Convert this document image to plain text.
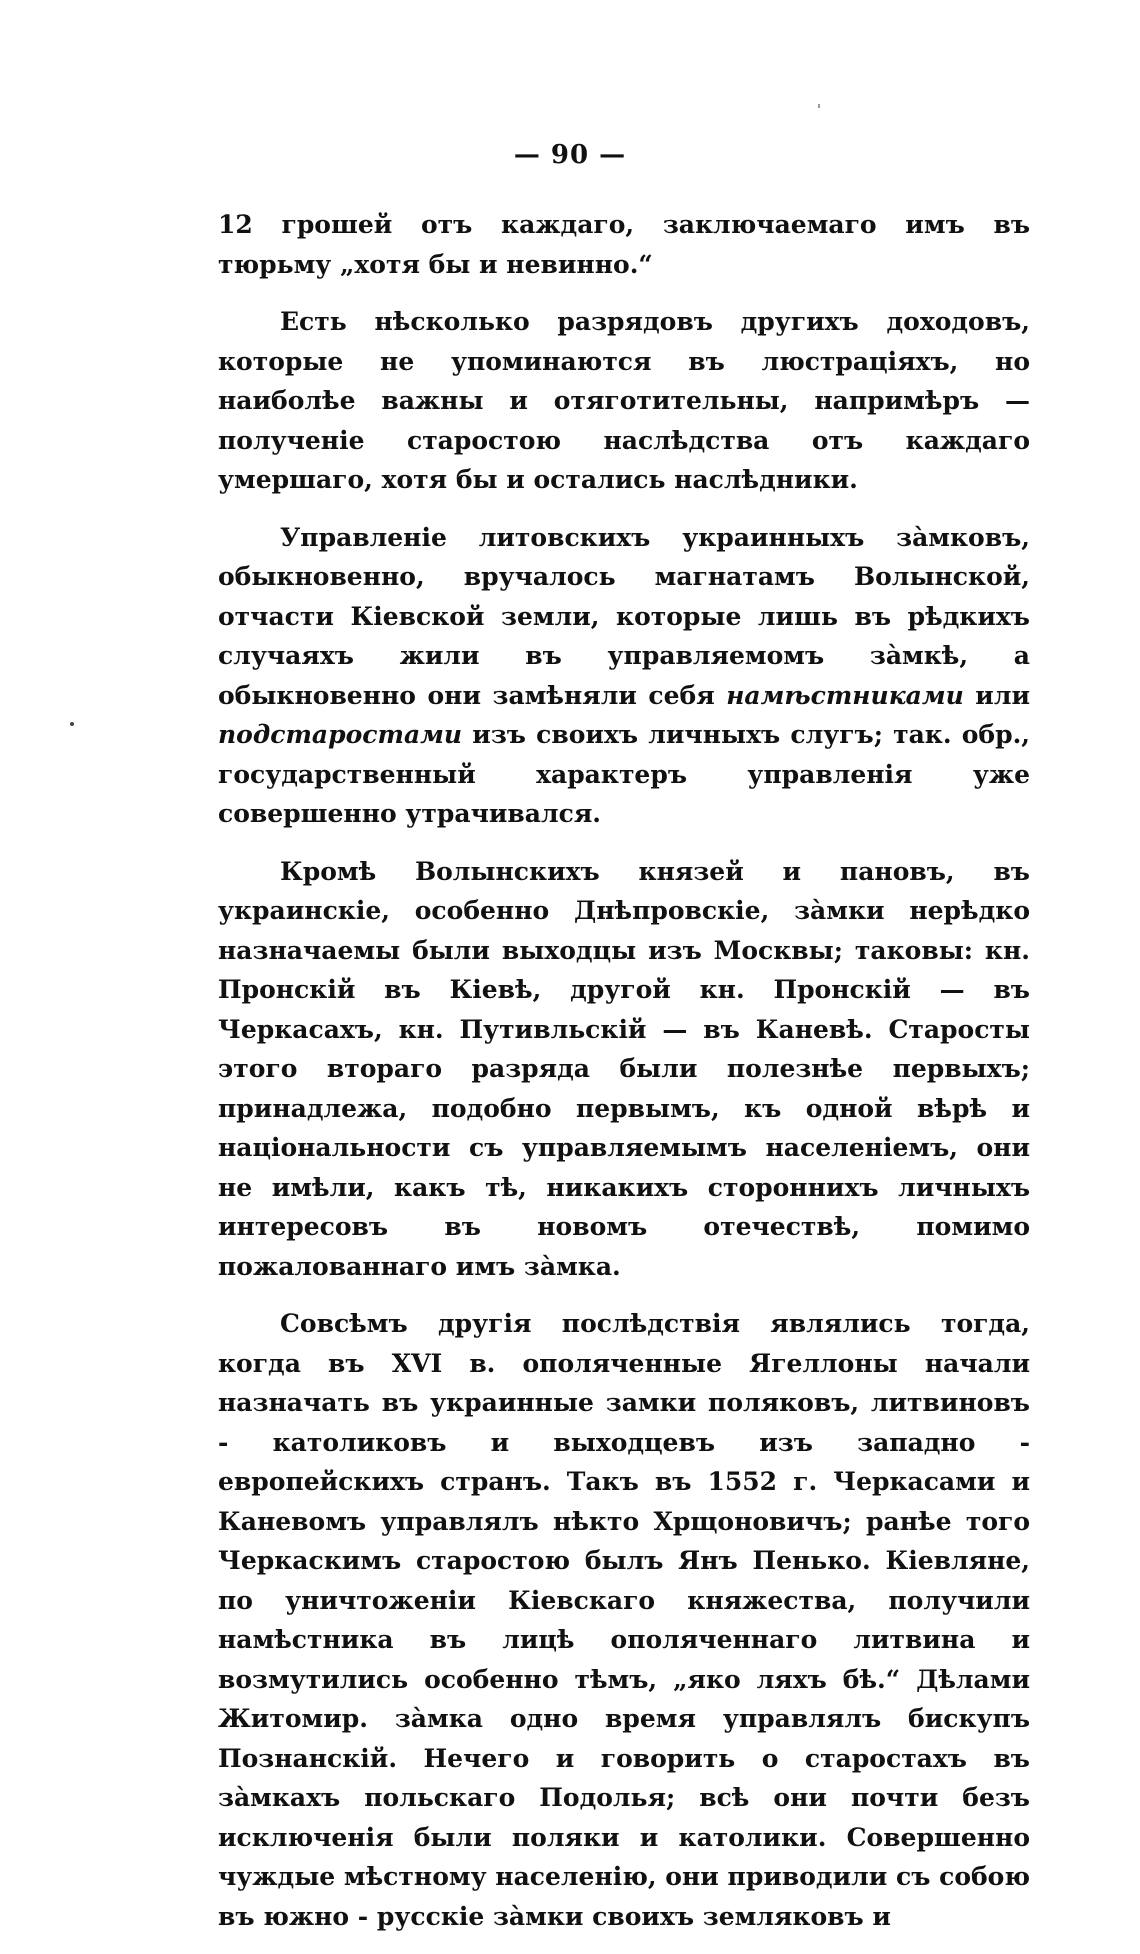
— 90 —

12 грошей отъ каждаго, заключаемаго имъ въ тюрьму „хотя бы и невинно.“

Есть нѣсколько разрядовъ другихъ доходовъ, которые не упоминаются въ люстраціяхъ, но наиболѣе важны и отяготительны, напримѣръ — полученіе старостою наслѣдства отъ каждаго умершаго, хотя бы и остались наслѣдники.

Управленіе литовскихъ украинныхъ зàмковъ, обыкновенно, вручалось магнатамъ Волынской, отчасти Кіевской земли, которые лишь въ рѣдкихъ случаяхъ жили въ управляемомъ зàмкѣ, а обыкновенно они замѣняли себя намѣстниками или подстаростами изъ своихъ личныхъ слугъ; так. обр., государственный характеръ управленія уже совершенно утрачивался.

Кромѣ Волынскихъ князей и пановъ, въ украинскіе, особенно Днѣпровскіе, зàмки нерѣдко назначаемы были выходцы изъ Москвы; таковы: кн. Пронскій въ Кіевѣ, другой кн. Пронскій — въ Черкасахъ, кн. Путивльскій — въ Каневѣ. Старосты этого втораго разряда были полезнѣе первыхъ; принадлежа, подобно первымъ, къ одной вѣрѣ и національности съ управляемымъ населеніемъ, они не имѣли, какъ тѣ, никакихъ стороннихъ личныхъ интересовъ въ новомъ отечествѣ, помимо пожалованнаго имъ зàмка.

Совсѣмъ другія послѣдствія являлись тогда, когда въ XVI в. ополяченные Ягеллоны начали назначать въ украинные замки поляковъ, литвиновъ - католиковъ и выходцевъ изъ западно - европейскихъ странъ. Такъ въ 1552 г. Черкасами и Каневомъ управлялъ нѣкто Хрщоновичъ; ранѣе того Черкаскимъ старостою былъ Янъ Пенько. Кіевляне, по уничтоженіи Кіевскаго княжества, получили намѣстника въ лицѣ ополяченнаго литвина и возмутились особенно тѣмъ, „яко ляхъ бѣ.“ Дѣлами Житомир. зàмка одно время управлялъ бискупъ Познанскій. Нечего и говорить о старостахъ въ зàмкахъ польскаго Подолья; всѣ они почти безъ исключенія были поляки и католики. Совершенно чуждые мѣстному населенію, они приводили съ собою въ южно - русскіе зàмки своихъ земляковъ и
